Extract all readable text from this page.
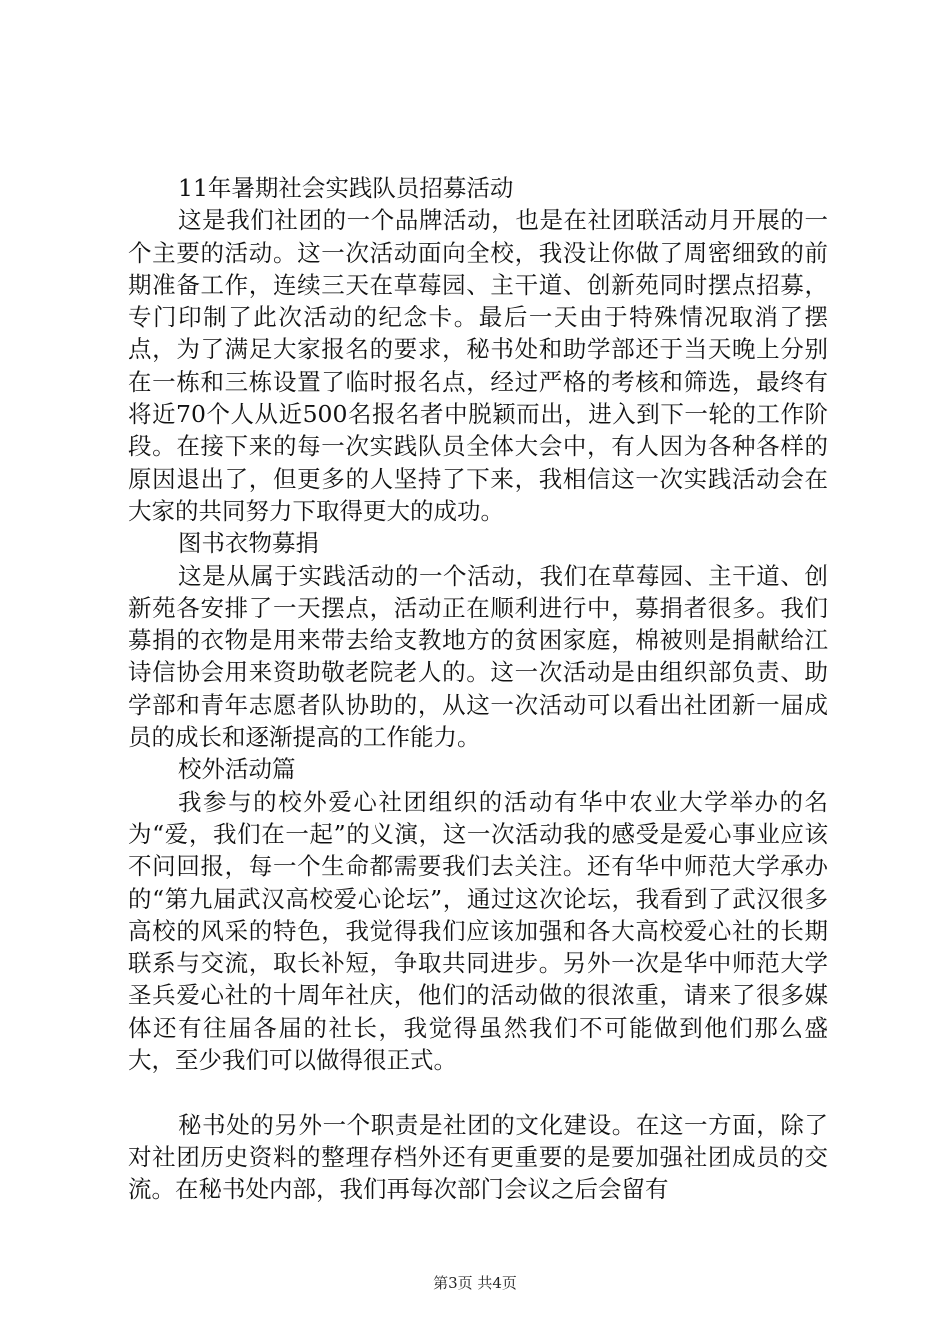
11年暑期社会实践队员招募活动

这是我们社团的一个品牌活动，也是在社团联活动月开展的一个主要的活动。这一次活动面向全校，我没让你做了周密细致的前期准备工作，连续三天在草莓园、主干道、创新苑同时摆点招募，专门印制了此次活动的纪念卡。最后一天由于特殊情况取消了摆点，为了满足大家报名的要求，秘书处和助学部还于当天晚上分别在一栋和三栋设置了临时报名点，经过严格的考核和筛选，最终有将近70个人从近500名报名者中脱颖而出，进入到下一轮的工作阶段。在接下来的每一次实践队员全体大会中，有人因为各种各样的原因退出了，但更多的人坚持了下来，我相信这一次实践活动会在大家的共同努力下取得更大的成功。

图书衣物募捐

这是从属于实践活动的一个活动，我们在草莓园、主干道、创新苑各安排了一天摆点，活动正在顺利进行中，募捐者很多。我们募捐的衣物是用来带去给支教地方的贫困家庭，棉被则是捐献给江诗信协会用来资助敬老院老人的。这一次活动是由组织部负责、助学部和青年志愿者队协助的，从这一次活动可以看出社团新一届成员的成长和逐渐提高的工作能力。

校外活动篇

我参与的校外爱心社团组织的活动有华中农业大学举办的名为“爱，我们在一起”的义演，这一次活动我的感受是爱心事业应该不问回报，每一个生命都需要我们去关注。还有华中师范大学承办的“第九届武汉高校爱心论坛”，通过这次论坛，我看到了武汉很多高校的风采的特色，我觉得我们应该加强和各大高校爱心社的长期联系与交流，取长补短，争取共同进步。另外一次是华中师范大学圣兵爱心社的十周年社庆，他们的活动做的很浓重，请来了很多媒体还有往届各届的社长，我觉得虽然我们不可能做到他们那么盛大，至少我们可以做得很正式。

秘书处的另外一个职责是社团的文化建设。在这一方面，除了对社团历史资料的整理存档外还有更重要的是要加强社团成员的交流。在秘书处内部，我们再每次部门会议之后会留有

第3页 共4页
